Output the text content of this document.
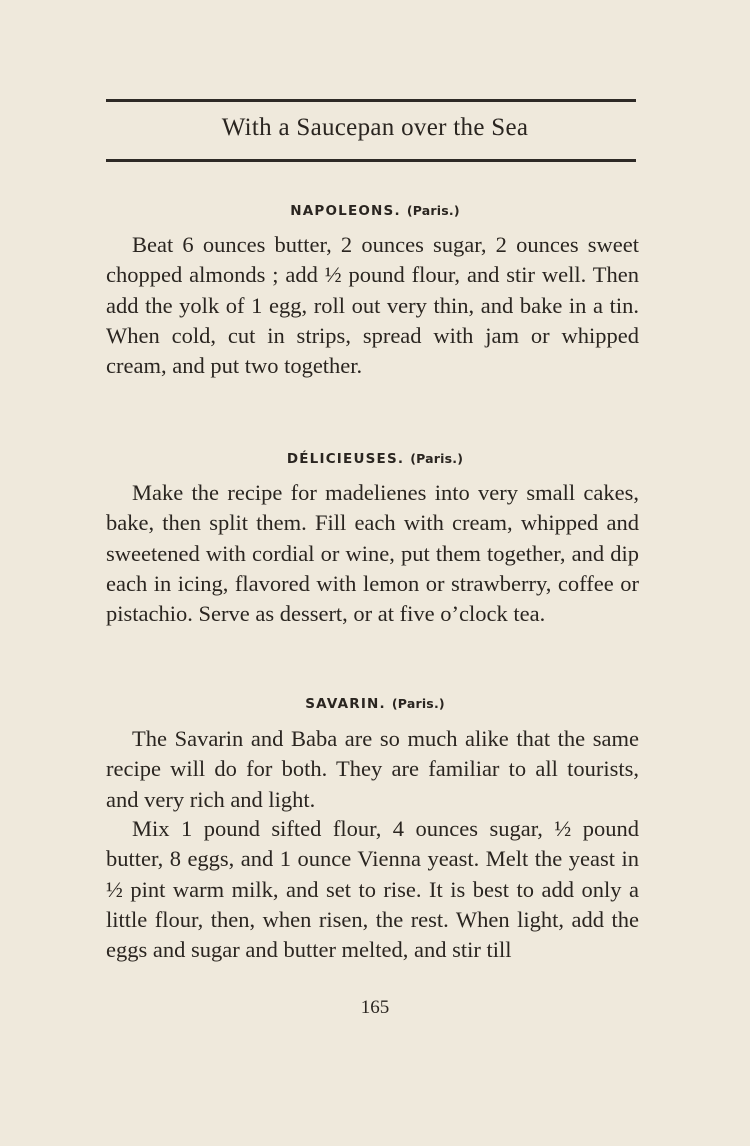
With a Saucepan over the Sea
NAPOLEONS. (Paris.)

Beat 6 ounces butter, 2 ounces sugar, 2 ounces sweet chopped almonds ; add ½ pound flour, and stir well. Then add the yolk of 1 egg, roll out very thin, and bake in a tin. When cold, cut in strips, spread with jam or whipped cream, and put two together.

DÉLICIEUSES. (Paris.)

Make the recipe for madelienes into very small cakes, bake, then split them. Fill each with cream, whipped and sweetened with cordial or wine, put them together, and dip each in icing, flavored with lemon or strawberry, coffee or pistachio. Serve as dessert, or at five o’clock tea.

SAVARIN. (Paris.)

The Savarin and Baba are so much alike that the same recipe will do for both. They are familiar to all tourists, and very rich and light.

Mix 1 pound sifted flour, 4 ounces sugar, ½ pound butter, 8 eggs, and 1 ounce Vienna yeast. Melt the yeast in ½ pint warm milk, and set to rise. It is best to add only a little flour, then, when risen, the rest. When light, add the eggs and sugar and butter melted, and stir till

165
